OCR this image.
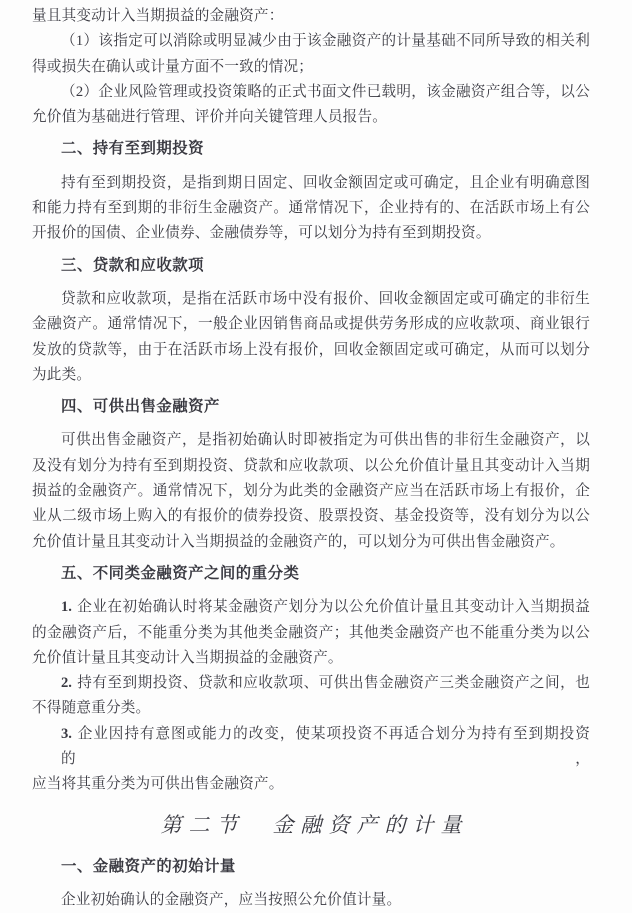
量且其变动计入当期损益的金融资产：
（1）该指定可以消除或明显减少由于该金融资产的计量基础不同所导致的相关利
得或损失在确认或计量方面不一致的情况；
（2）企业风险管理或投资策略的正式书面文件已载明，该金融资产组合等，以公
允价值为基础进行管理、评价并向关键管理人员报告。
二、持有至到期投资
持有至到期投资，是指到期日固定、回收金额固定或可确定，且企业有明确意图
和能力持有至到期的非衍生金融资产。通常情况下，企业持有的、在活跃市场上有公
开报价的国债、企业债券、金融债券等，可以划分为持有至到期投资。
三、贷款和应收款项
贷款和应收款项，是指在活跃市场中没有报价、回收金额固定或可确定的非衍生
金融资产。通常情况下，一般企业因销售商品或提供劳务形成的应收款项、商业银行
发放的贷款等，由于在活跃市场上没有报价，回收金额固定或可确定，从而可以划分
为此类。
四、可供出售金融资产
可供出售金融资产，是指初始确认时即被指定为可供出售的非衍生金融资产，以
及没有划分为持有至到期投资、贷款和应收款项、以公允价值计量且其变动计入当期
损益的金融资产。通常情况下，划分为此类的金融资产应当在活跃市场上有报价，企
业从二级市场上购入的有报价的债券投资、股票投资、基金投资等，没有划分为以公
允价值计量且其变动计入当期损益的金融资产的，可以划分为可供出售金融资产。
五、不同类金融资产之间的重分类
1. 企业在初始确认时将某金融资产划分为以公允价值计量且其变动计入当期损益
的金融资产后，不能重分类为其他类金融资产；其他类金融资产也不能重分类为以公
允价值计量且其变动计入当期损益的金融资产。
2. 持有至到期投资、贷款和应收款项、可供出售金融资产三类金融资产之间，也
不得随意重分类。
3. 企业因持有意图或能力的改变，使某项投资不再适合划分为持有至到期投资的，
应当将其重分类为可供出售金融资产。
第二节　金融资产的计量
一、金融资产的初始计量
企业初始确认的金融资产，应当按照公允价值计量。
